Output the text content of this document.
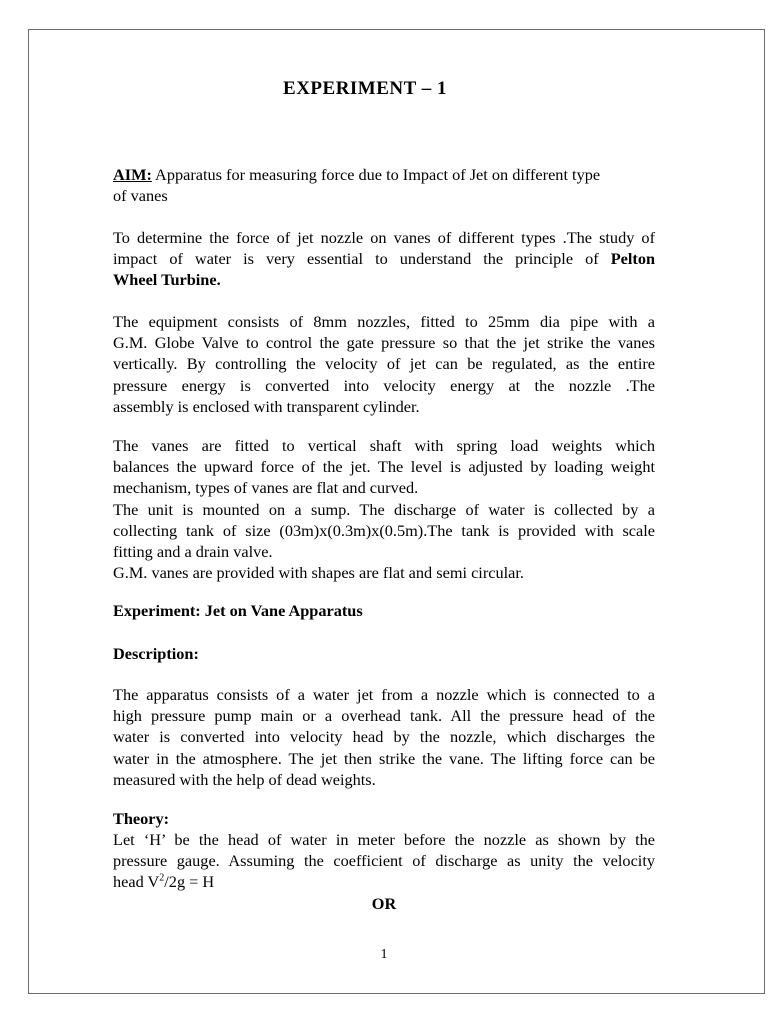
EXPERIMENT – 1
AIM: Apparatus for measuring force due to Impact of Jet on different type
of vanes
To determine the force of jet nozzle on vanes of different types .The study of
impact of water is very essential to understand the principle of Pelton
Wheel Turbine.
The equipment consists of 8mm nozzles, fitted to 25mm dia pipe with a
G.M. Globe Valve to control the gate pressure so that the jet strike the vanes
vertically. By controlling the velocity of jet can be regulated, as the entire
pressure energy is converted into velocity energy at the nozzle .The
assembly is enclosed with transparent cylinder.
The vanes are fitted to vertical shaft with spring load weights which
balances the upward force of the jet. The level is adjusted by loading weight
mechanism, types of vanes are flat and curved.
The unit is mounted on a sump. The discharge of water is collected by a
collecting tank of size (03m)x(0.3m)x(0.5m).The tank is provided with scale
fitting and a drain valve.
G.M. vanes are provided with shapes are flat and semi circular.
Experiment: Jet on Vane Apparatus
Description:
The apparatus consists of a water jet from a nozzle which is connected to a
high pressure pump main or a overhead tank. All the pressure head of the
water is converted into velocity head by the nozzle, which discharges the
water in the atmosphere. The jet then strike the vane. The lifting force can be
measured with the help of dead weights.
Theory:
Let ‘H’ be the head of water in meter before the nozzle as shown by the
pressure gauge. Assuming the coefficient of discharge as unity the velocity
head $V^2/2g = H$
OR
1
